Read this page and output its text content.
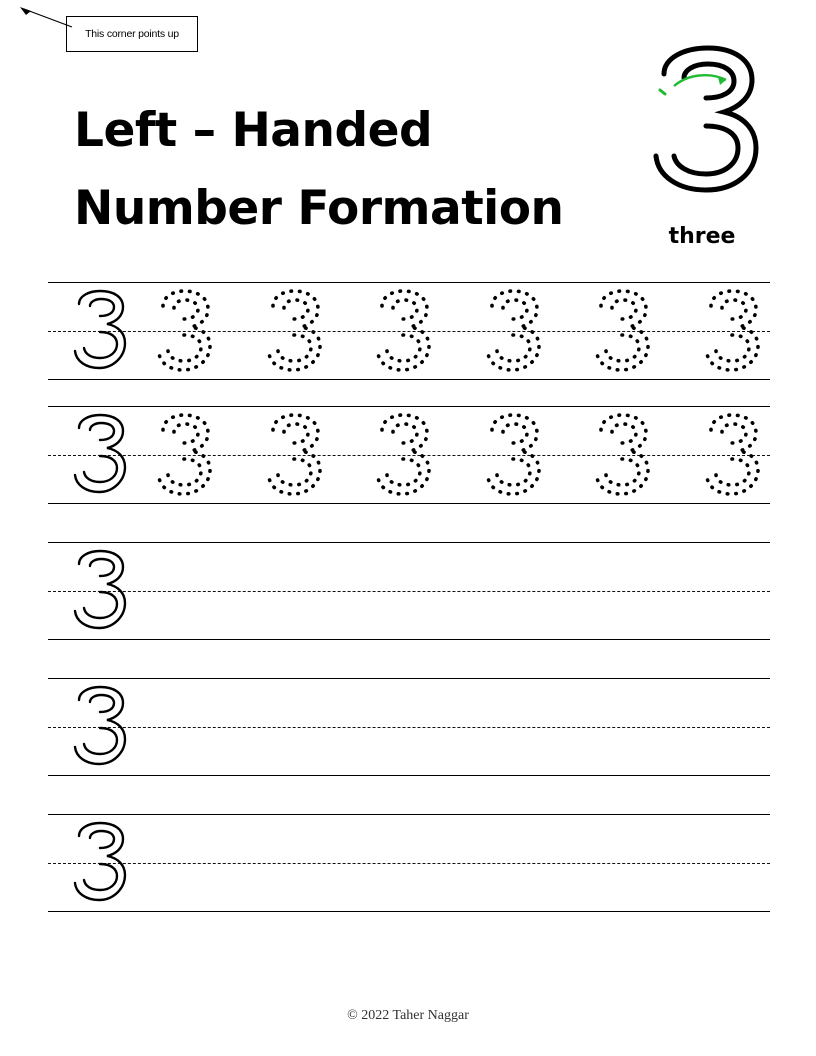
This corner points up
Left – Handed
Number Formation
three
© 2022 Taher Naggar
